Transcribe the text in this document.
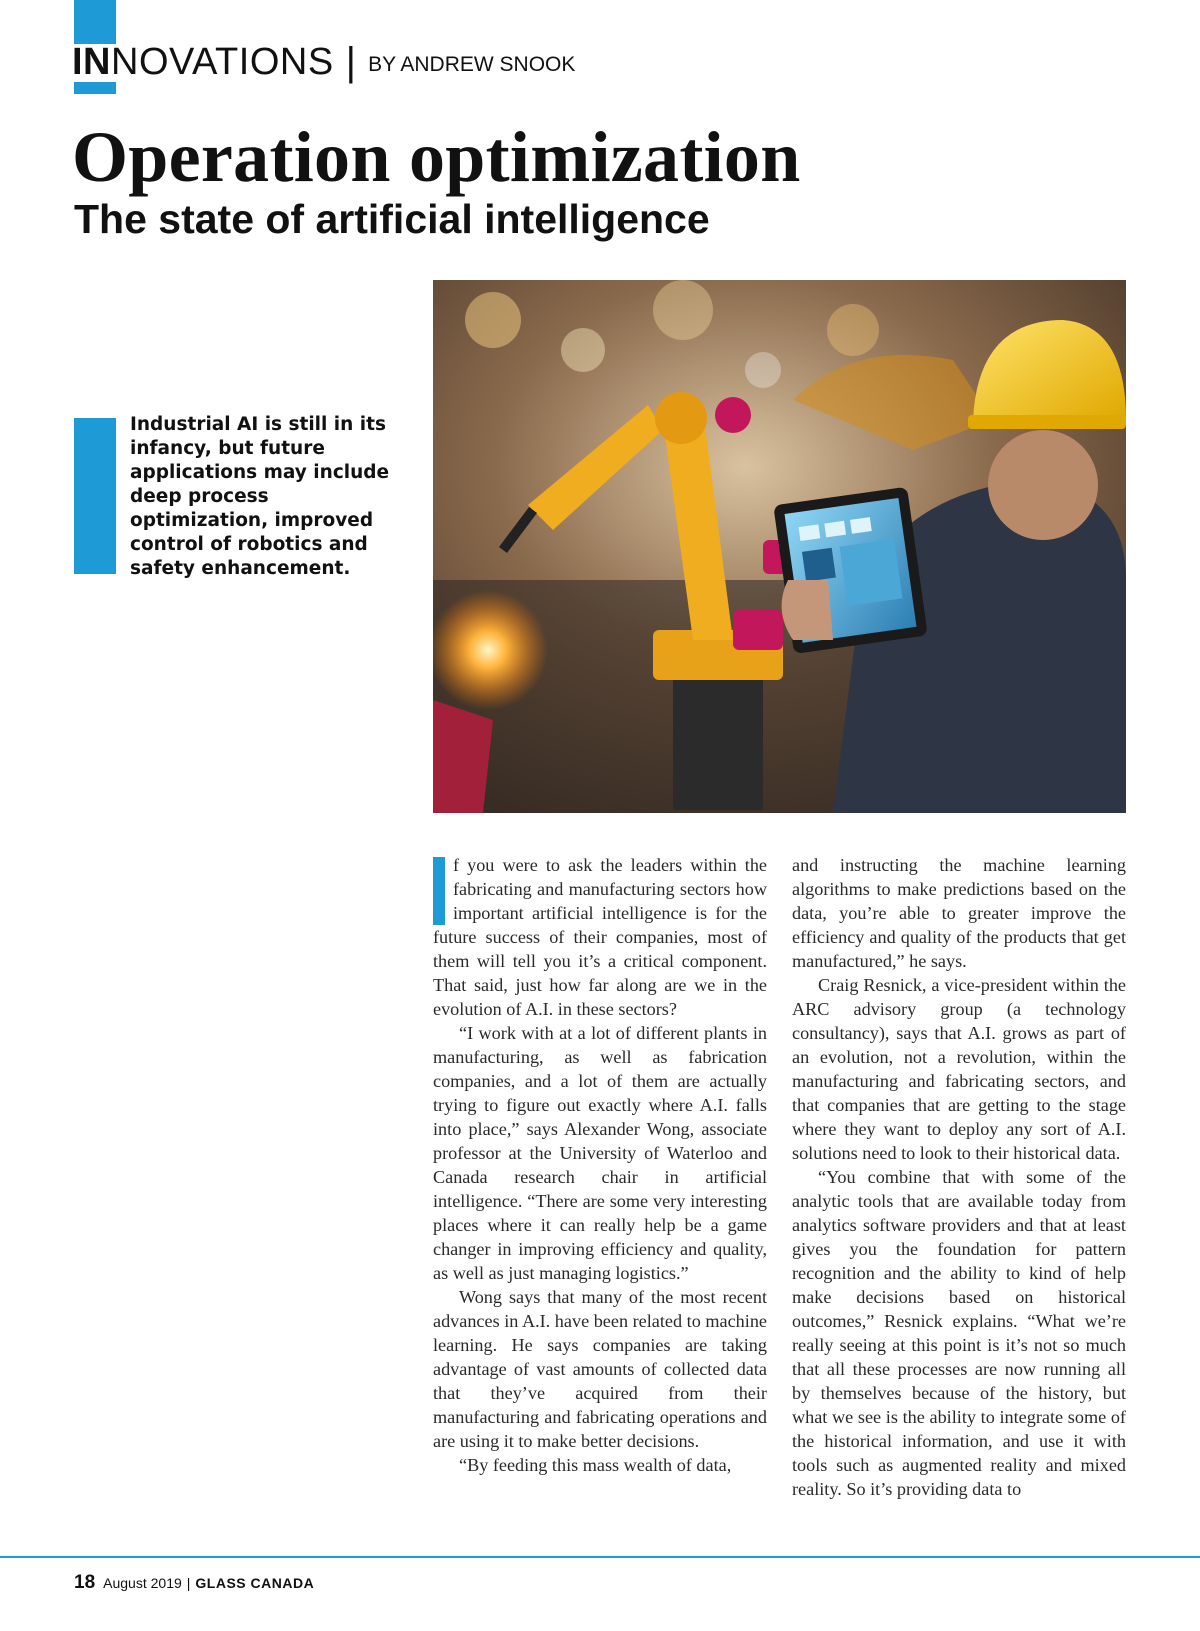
IN NOVATIONS | BY ANDREW SNOOK
Operation optimization
The state of artificial intelligence
Industrial AI is still in its infancy, but future applications may include deep process optimization, improved control of robotics and safety enhancement.

f you were to ask the leaders within the fabricating and manufacturing sectors how important artificial intelligence is for the future success of their companies, most of them will tell you it’s a critical component. That said, just how far along are we in the evolution of A.I. in these sectors?

“I work with at a lot of different plants in manufacturing, as well as fabrication companies, and a lot of them are actually trying to figure out exactly where A.I. falls into place,” says Alexander Wong, associate professor at the University of Waterloo and Canada research chair in artificial intelligence. “There are some very interesting places where it can really help be a game changer in improving efficiency and quality, as well as just managing logistics.”

Wong says that many of the most recent advances in A.I. have been related to machine learning. He says companies are taking advantage of vast amounts of collected data that they’ve acquired from their manufacturing and fabricating operations and are using it to make better decisions.

“By feeding this mass wealth of data,

and instructing the machine learning algorithms to make predictions based on the data, you’re able to greater improve the efficiency and quality of the products that get manufactured,” he says.

Craig Resnick, a vice-president within the ARC advisory group (a technology consultancy), says that A.I. grows as part of an evolution, not a revolution, within the manufacturing and fabricating sectors, and that companies that are getting to the stage where they want to deploy any sort of A.I. solutions need to look to their historical data.

“You combine that with some of the analytic tools that are available today from analytics software providers and that at least gives you the foundation for pattern recognition and the ability to kind of help make decisions based on historical outcomes,” Resnick explains. “What we’re really seeing at this point is it’s not so much that all these processes are now running all by themselves because of the history, but what we see is the ability to integrate some of the historical information, and use it with tools such as augmented reality and mixed reality. So it’s providing data to

18 August 2019 | GLASS CANADA
